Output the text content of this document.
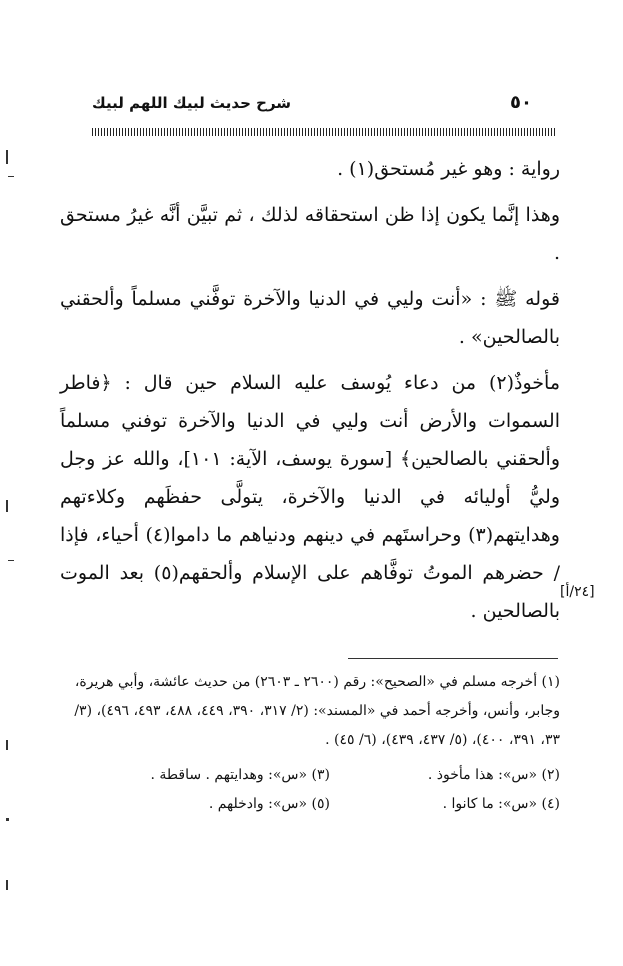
٥٠
شرح حديث لبيك اللهم لبيك

رواية : وهو غير مُستحق(١) .

وهذا إنَّما يكون إذا ظن استحقاقه لذلك ، ثم تبيَّن أنَّه غيرُ مستحق .

قوله ﷺ : «أنت وليي في الدنيا والآخرة توفَّني مسلماً وألحقني بالصالحين» .

مأخوذٌ(٢) من دعاء يُوسف عليه السلام حين قال : ﴿فاطر السموات والأرض أنت وليي في الدنيا والآخرة توفني مسلماً وألحقني بالصالحين﴾ [سورة يوسف، الآية: ١٠١]، والله عز وجل وليُّ أوليائه في الدنيا والآخرة، يتولَّى حفظَهم وكلاءتهم وهدايتهم(٣) وحراستَهم في دينهم ودنياهم ما داموا(٤) أحياء، فإذا / حضرهم الموتُ توفَّاهم على الإسلام وألحقهم(٥) بعد الموت بالصالحين .

[٢٤/أ]
(١) أخرجه مسلم في «الصحيح»: رقم (٢٦٠٠ ـ ٢٦٠٣) من حديث عائشة، وأبي هريرة، وجابر، وأنس، وأخرجه أحمد في «المسند»: (٢/ ٣١٧، ٣٩٠، ٤٤٩، ٤٨٨، ٤٩٣، ٤٩٦)، (٣/ ٣٣، ٣٩١، ٤٠٠)، (٥/ ٤٣٧، ٤٣٩)، (٦/ ٤٥) .
(٢) «س»: هذا مأخوذ .
(٣) «س»: وهدايتهم . ساقطة .
(٤) «س»: ما كانوا .
(٥) «س»: وادخلهم .
